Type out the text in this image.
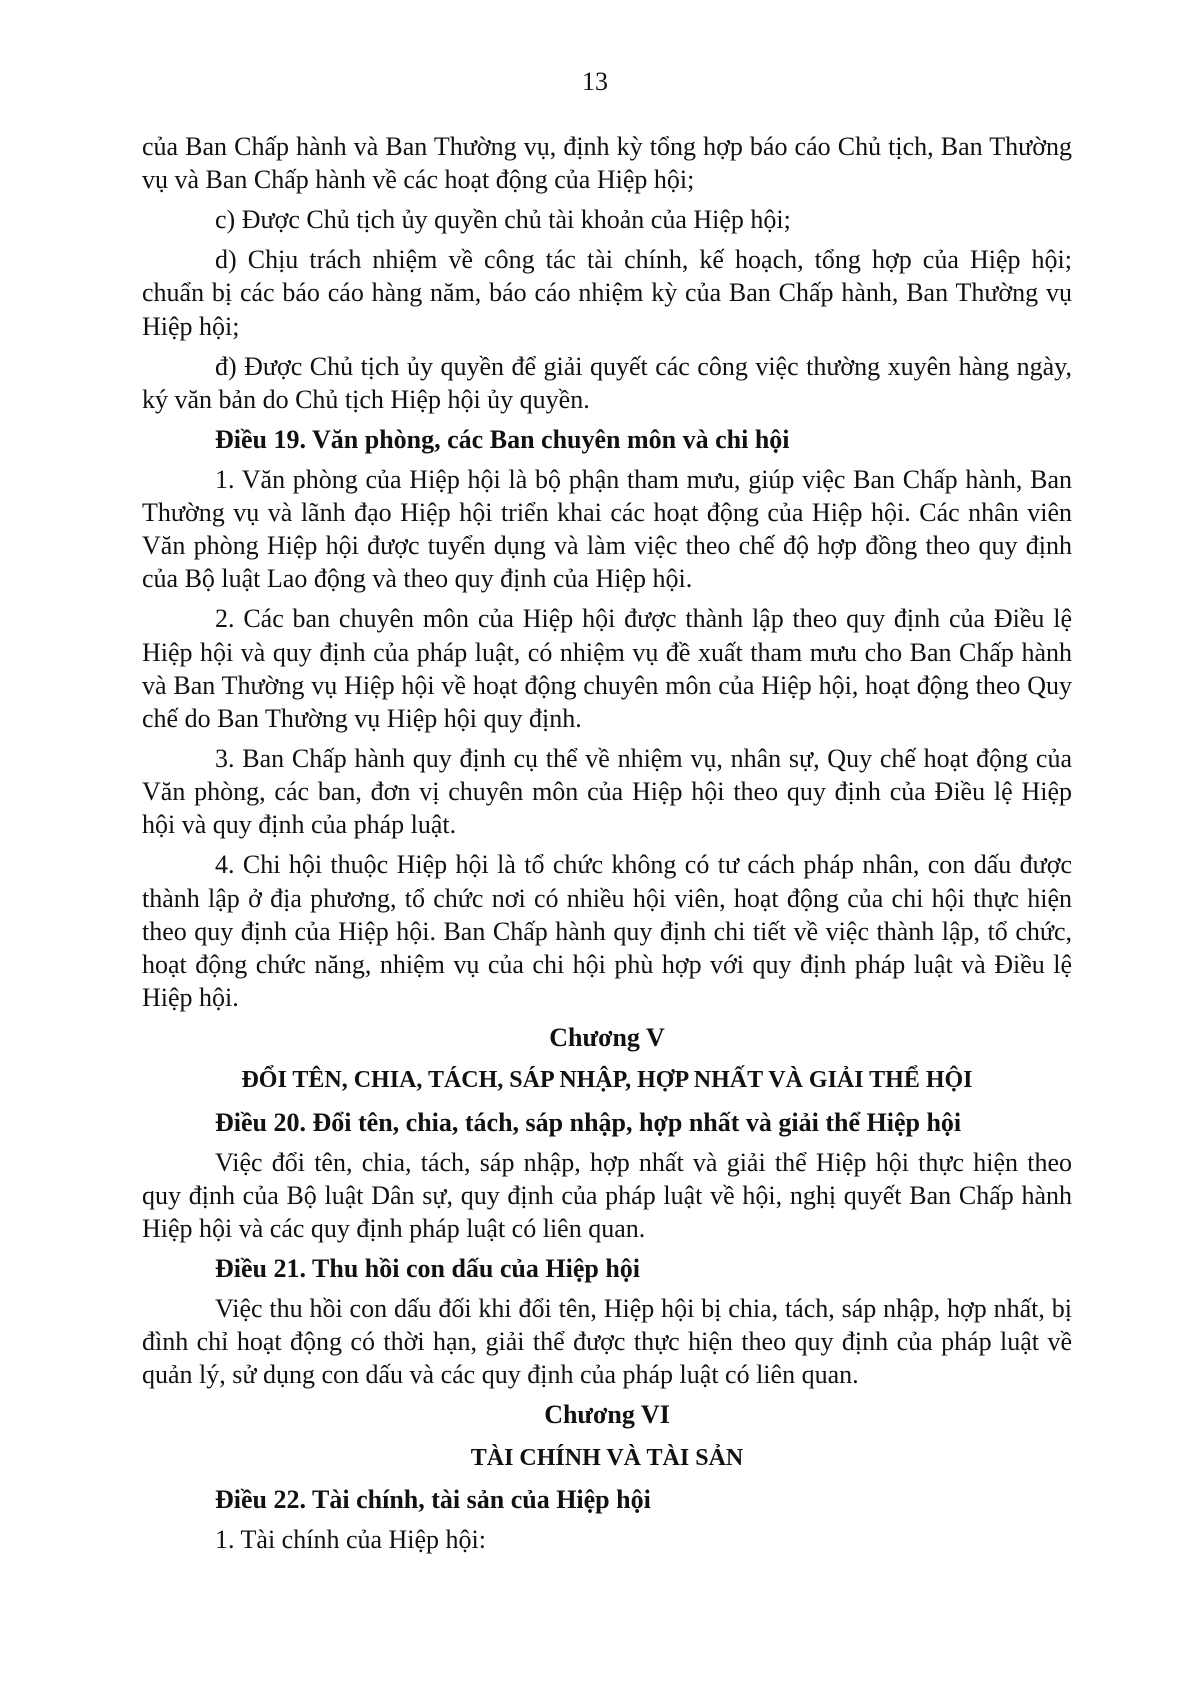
13

của Ban Chấp hành và Ban Thường vụ, định kỳ tổng hợp báo cáo Chủ tịch, Ban Thường vụ và Ban Chấp hành về các hoạt động của Hiệp hội;

c) Được Chủ tịch ủy quyền chủ tài khoản của Hiệp hội;

d) Chịu trách nhiệm về công tác tài chính, kế hoạch, tổng hợp của Hiệp hội; chuẩn bị các báo cáo hàng năm, báo cáo nhiệm kỳ của Ban Chấp hành, Ban Thường vụ Hiệp hội;

đ) Được Chủ tịch ủy quyền để giải quyết các công việc thường xuyên hàng ngày, ký văn bản do Chủ tịch Hiệp hội ủy quyền.

Điều 19. Văn phòng, các Ban chuyên môn và chi hội

1. Văn phòng của Hiệp hội là bộ phận tham mưu, giúp việc Ban Chấp hành, Ban Thường vụ và lãnh đạo Hiệp hội triển khai các hoạt động của Hiệp hội. Các nhân viên Văn phòng Hiệp hội được tuyển dụng và làm việc theo chế độ hợp đồng theo quy định của Bộ luật Lao động và theo quy định của Hiệp hội.

2. Các ban chuyên môn của Hiệp hội được thành lập theo quy định của Điều lệ Hiệp hội và quy định của pháp luật, có nhiệm vụ đề xuất tham mưu cho Ban Chấp hành và Ban Thường vụ Hiệp hội về hoạt động chuyên môn của Hiệp hội, hoạt động theo Quy chế do Ban Thường vụ Hiệp hội quy định.

3. Ban Chấp hành quy định cụ thể về nhiệm vụ, nhân sự, Quy chế hoạt động của Văn phòng, các ban, đơn vị chuyên môn của Hiệp hội theo quy định của Điều lệ Hiệp hội và quy định của pháp luật.

4. Chi hội thuộc Hiệp hội là tổ chức không có tư cách pháp nhân, con dấu được thành lập ở địa phương, tổ chức nơi có nhiều hội viên, hoạt động của chi hội thực hiện theo quy định của Hiệp hội. Ban Chấp hành quy định chi tiết về việc thành lập, tổ chức, hoạt động chức năng, nhiệm vụ của chi hội phù hợp với quy định pháp luật và Điều lệ Hiệp hội.

Chương V

ĐỔI TÊN, CHIA, TÁCH, SÁP NHẬP, HỢP NHẤT VÀ GIẢI THỂ HỘI

Điều 20. Đổi tên, chia, tách, sáp nhập, hợp nhất và giải thể Hiệp hội

Việc đổi tên, chia, tách, sáp nhập, hợp nhất và giải thể Hiệp hội thực hiện theo quy định của Bộ luật Dân sự, quy định của pháp luật về hội, nghị quyết Ban Chấp hành Hiệp hội và các quy định pháp luật có liên quan.

Điều 21. Thu hồi con dấu của Hiệp hội

Việc thu hồi con dấu đối khi đổi tên, Hiệp hội bị chia, tách, sáp nhập, hợp nhất, bị đình chỉ hoạt động có thời hạn, giải thể được thực hiện theo quy định của pháp luật về quản lý, sử dụng con dấu và các quy định của pháp luật có liên quan.

Chương VI

TÀI CHÍNH VÀ TÀI SẢN

Điều 22. Tài chính, tài sản của Hiệp hội

1. Tài chính của Hiệp hội:
